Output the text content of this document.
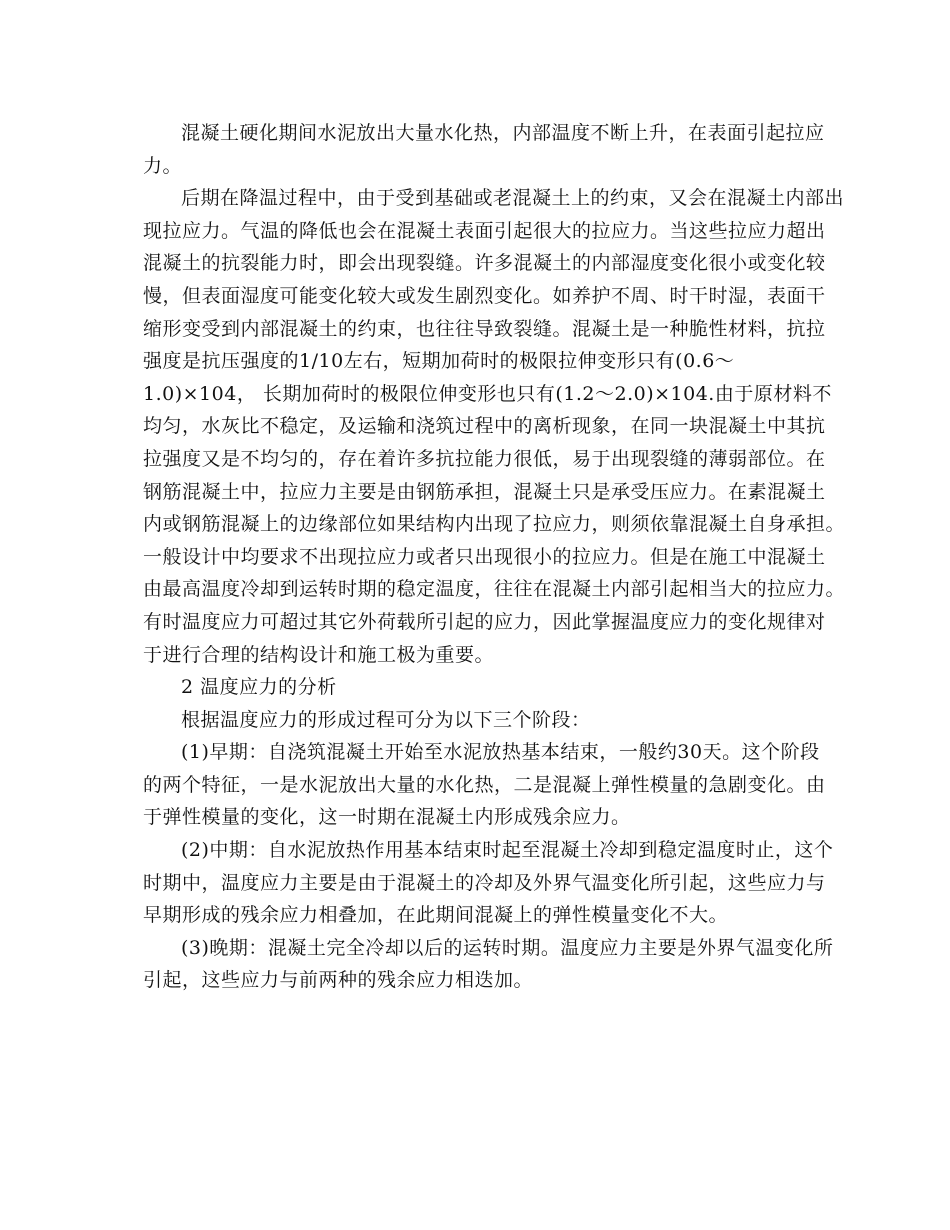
混凝土硬化期间水泥放出大量水化热，内部温度不断上升，在表面引起拉应
力。
后期在降温过程中，由于受到基础或老混凝土上的约束，又会在混凝土内部出
现拉应力。气温的降低也会在混凝土表面引起很大的拉应力。当这些拉应力超出
混凝土的抗裂能力时，即会出现裂缝。许多混凝土的内部湿度变化很小或变化较
慢，但表面湿度可能变化较大或发生剧烈变化。如养护不周、时干时湿，表面干
缩形变受到内部混凝土的约束，也往往导致裂缝。混凝土是一种脆性材料，抗拉
强度是抗压强度的1/10左右，短期加荷时的极限拉伸变形只有(0.6～
1.0)×104， 长期加荷时的极限位伸变形也只有(1.2～2.0)×104.由于原材料不
均匀，水灰比不稳定，及运输和浇筑过程中的离析现象，在同一块混凝土中其抗
拉强度又是不均匀的，存在着许多抗拉能力很低，易于出现裂缝的薄弱部位。在
钢筋混凝土中，拉应力主要是由钢筋承担，混凝土只是承受压应力。在素混凝土
内或钢筋混凝上的边缘部位如果结构内出现了拉应力，则须依靠混凝土自身承担。
一般设计中均要求不出现拉应力或者只出现很小的拉应力。但是在施工中混凝土
由最高温度冷却到运转时期的稳定温度，往往在混凝土内部引起相当大的拉应力。
有时温度应力可超过其它外荷载所引起的应力，因此掌握温度应力的变化规律对
于进行合理的结构设计和施工极为重要。
2 温度应力的分析
根据温度应力的形成过程可分为以下三个阶段：
(1)早期：自浇筑混凝土开始至水泥放热基本结束，一般约30天。这个阶段
的两个特征，一是水泥放出大量的水化热，二是混凝上弹性模量的急剧变化。由
于弹性模量的变化，这一时期在混凝土内形成残余应力。
(2)中期：自水泥放热作用基本结束时起至混凝土冷却到稳定温度时止，这个
时期中，温度应力主要是由于混凝土的冷却及外界气温变化所引起，这些应力与
早期形成的残余应力相叠加，在此期间混凝上的弹性模量变化不大。
(3)晚期：混凝土完全冷却以后的运转时期。温度应力主要是外界气温变化所
引起，这些应力与前两种的残余应力相迭加。
